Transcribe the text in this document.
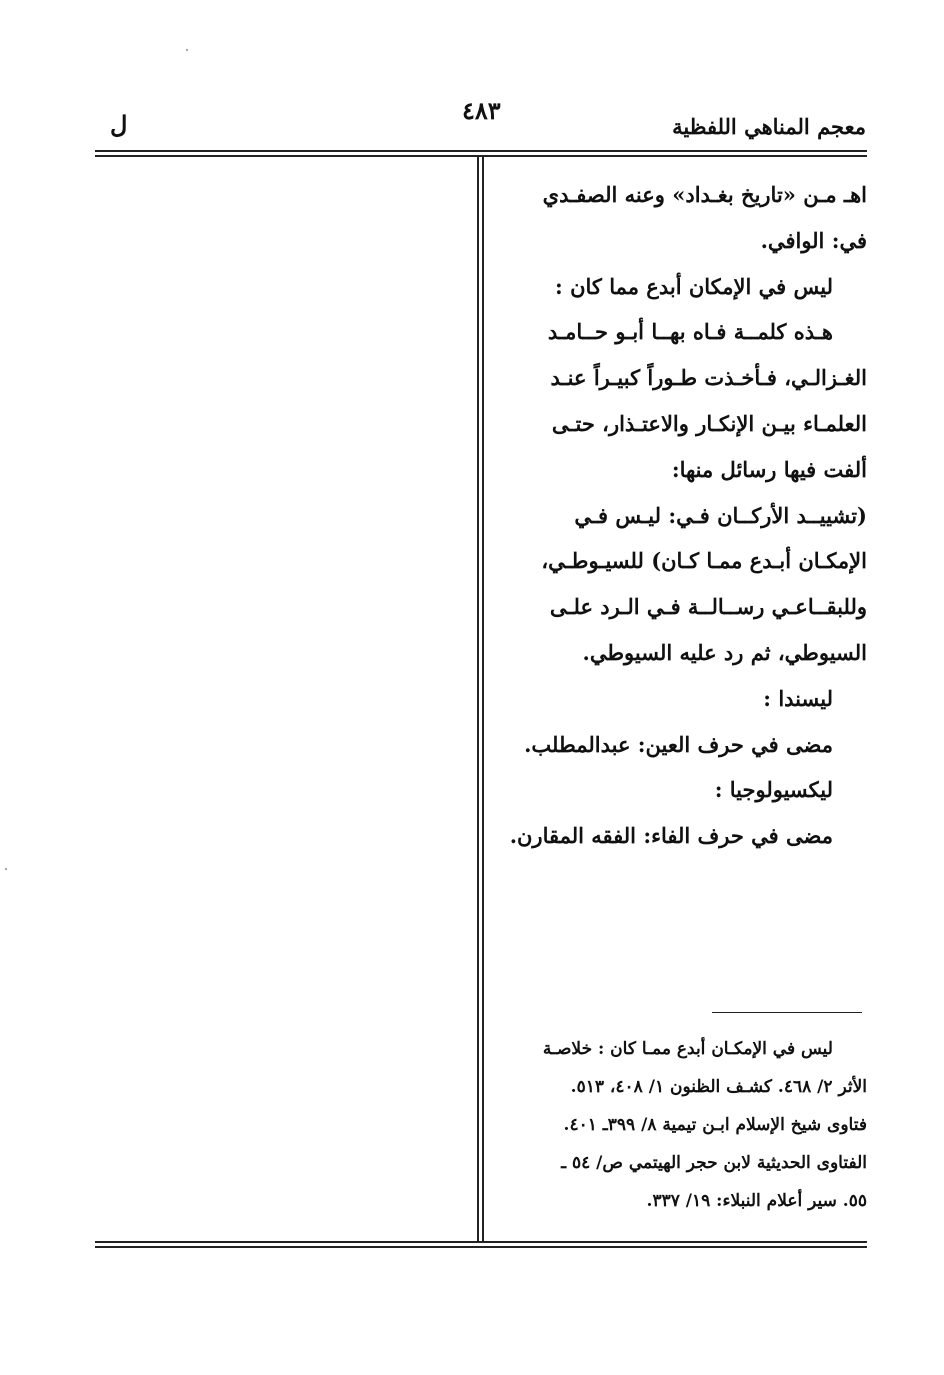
معجم المناهي اللفظية
٤٨٣
ل

اهـ مـن «تاريخ بغـداد» وعنه الصفـدي

في: الوافي.

ليس في الإمكان أبدع مما كان :

هـذه كلمــة فـاه بهــا أبـو حــامـد

الغـزالـي، فـأخـذت طـوراً كبيـراً عنـد

العلمـاء بيـن الإنكـار والاعتـذار، حتـى

ألفت فيها رسائل منها:

(تشييــد الأركــان فـي: ليـس فـي

الإمكـان أبـدع ممـا كـان) للسيـوطـي،

وللبقــاعـي رســالــة فـي الـرد علـى

السيوطي، ثم رد عليه السيوطي.

ليسندا :

مضى في حرف العين: عبدالمطلب.

ليكسيولوجيا :

مضى في حرف الفاء: الفقه المقارن.

ليس في الإمكـان أبدع ممـا كان : خلاصـة

الأثر ٢/ ٤٦٨. كشـف الظنون ١/ ٤٠٨، ٥١٣.

فتاوى شيخ الإسلام ابـن تيمية ٨/ ٣٩٩ـ ٤٠١.

الفتاوى الحديثية لابن حجر الهيتمي ص/ ٥٤ ـ

٥٥. سير أعلام النبلاء: ١٩/ ٣٣٧.
